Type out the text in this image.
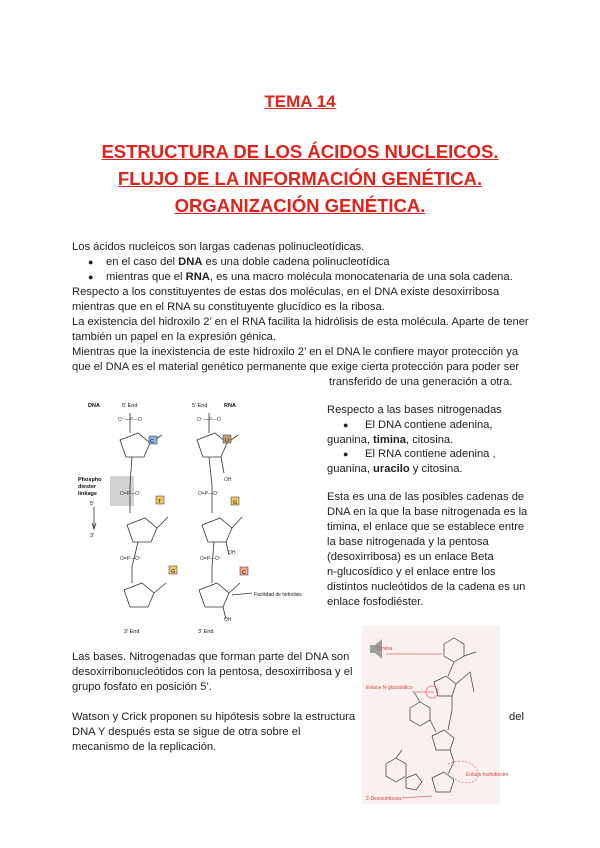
TEMA 14
ESTRUCTURA DE LOS ÁCIDOS NUCLEICOS.
FLUJO DE LA INFORMACIÓN GENÉTICA.
ORGANIZACIÓN GENÉTICA.
Los ácidos nucleicos son largas cadenas polinucleotídicas.
● en el caso del DNA es una doble cadena polinucleotídica
● mientras que el RNA, es una macro molécula monocatenaria de una sola cadena.
Respecto a los constituyentes de estas dos moléculas, en el DNA existe desoxirribosa
mientras que en el RNA su constituyente glucídico es la ribosa.
La existencia del hidroxilo 2’ en el RNA facilita la hidrólisis de esta molécula. Aparte de tener
también un papel en la expresión génica.
Mientras que la inexistencia de este hidroxilo 2’ en el DNA le confiere mayor protección ya
que el DNA es el material genético permanente que exige cierta protección para poder ser
transferido de una generación a otra.
Respecto a las bases nitrogenadas
● El DNA contiene adenina,
guanina, timina, citosina.
● El RNA contiene adenina ,
guanina, uracilo y citosina.
Esta es una de las posibles cadenas de
DNA en la que la base nitrogenada es la
timina, el enlace que se establece entre
la base nitrogenada y la pentosa
(desoxirribosa) es un enlace Beta
n-glucosídico y el enlace entre los
distintos nucleótidos de la cadena es un
enlace fosfodiéster.
C
T
G
U
G
C
DNA	RNA
5' End	5' End
3' End	3' End
Phospho
diester
linkage
5'
3'
Facilidad de hidrolisis
O⁻—P—O	O⁻—P—O
O=P—O⁻	O=P—O⁻
O=P—O⁻	O=P—O⁻
OH
OH
OH
Las bases. Nitrogenadas que forman parte del DNA son
desoxirribonucleótidos con la pentosa, desoxirribosa y el
grupo fosfato en posición 5’.
Watson y Crick proponen su hipótesis sobre la estructura	del
DNA Y después esta se sigue de otra sobre el
mecanismo de la replicación.
Timina
Enlace N-glucosidico
Enlace fosfodiester
2-Desoxirribosa
